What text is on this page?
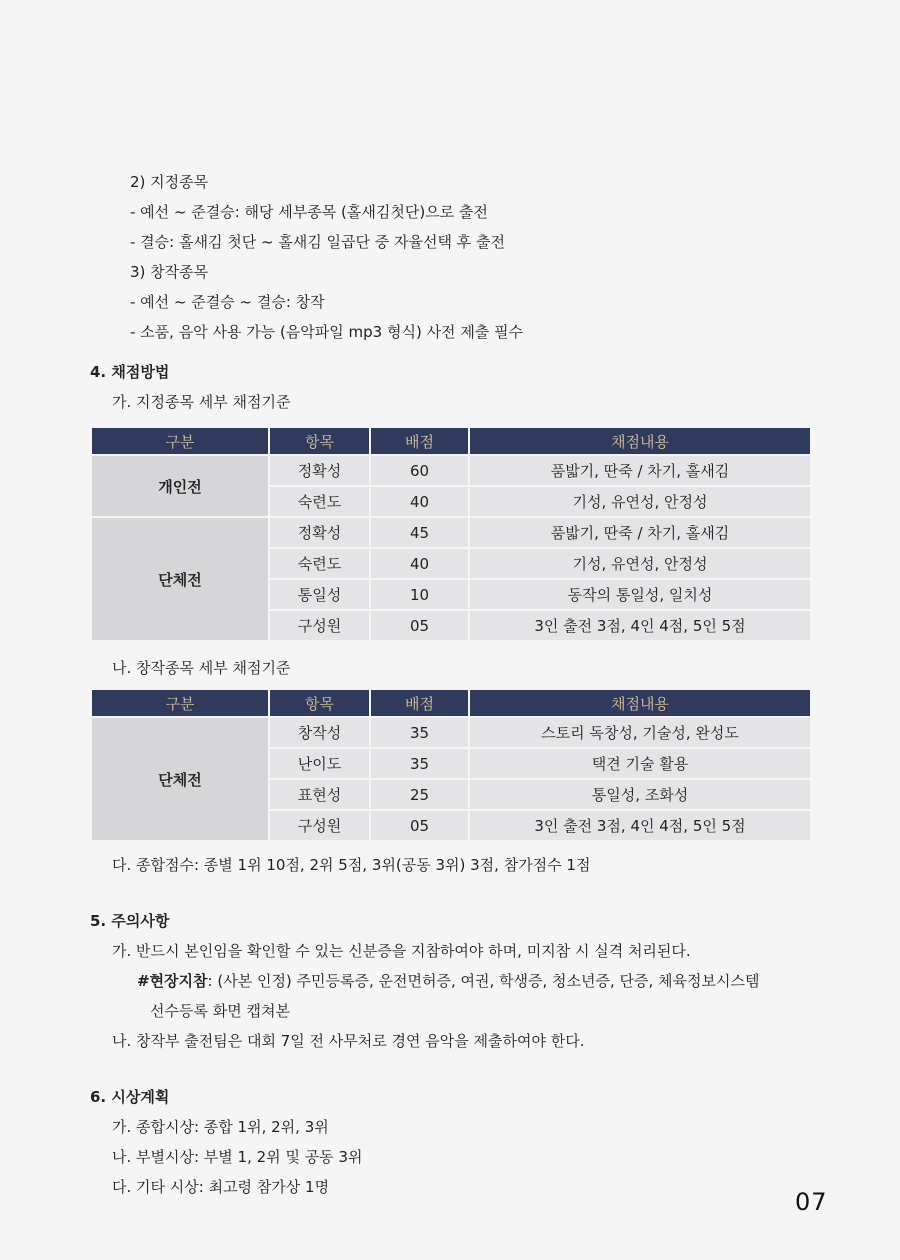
2) 지정종목
- 예선 ~ 준결승: 해당 세부종목 (홀새김첫단)으로 출전
- 결승: 홀새김 첫단 ~ 홀새김 일곱단 중 자율선택 후 출전
3) 창작종목
- 예선 ~ 준결승 ~ 결승: 창작
- 소품, 음악 사용 가능 (음악파일 mp3 형식) 사전 제출 필수
4. 채점방법
가. 지정종목 세부 채점기준
구분	항목	배점	채점내용
개인전	정확성	60	품밟기, 딴죽 / 차기, 홀새김
	숙련도	40	기성, 유연성, 안정성
단체전	정확성	45	품밟기, 딴죽 / 차기, 홀새김
	숙련도	40	기성, 유연성, 안정성
	통일성	10	동작의 통일성, 일치성
	구성원	05	3인 출전 3점, 4인 4점, 5인 5점
나. 창작종목 세부 채점기준
구분	항목	배점	채점내용
단체전	창작성	35	스토리 독창성, 기술성, 완성도
	난이도	35	택견 기술 활용
	표현성	25	통일성, 조화성
	구성원	05	3인 출전 3점, 4인 4점, 5인 5점
다. 종합점수: 종별 1위 10점, 2위 5점, 3위(공동 3위) 3점, 참가점수 1점
5. 주의사항
가. 반드시 본인임을 확인할 수 있는 신분증을 지참하여야 하며, 미지참 시 실격 처리된다.
#현장지참: (사본 인정) 주민등록증, 운전면허증, 여권, 학생증, 청소년증, 단증, 체육정보시스템
선수등록 화면 캡쳐본
나. 창작부 출전팀은 대회 7일 전 사무처로 경연 음악을 제출하여야 한다.
6. 시상계획
가. 종합시상: 종합 1위, 2위, 3위
나. 부별시상: 부별 1, 2위 및 공동 3위
다. 기타 시상: 최고령 참가상 1명
07
